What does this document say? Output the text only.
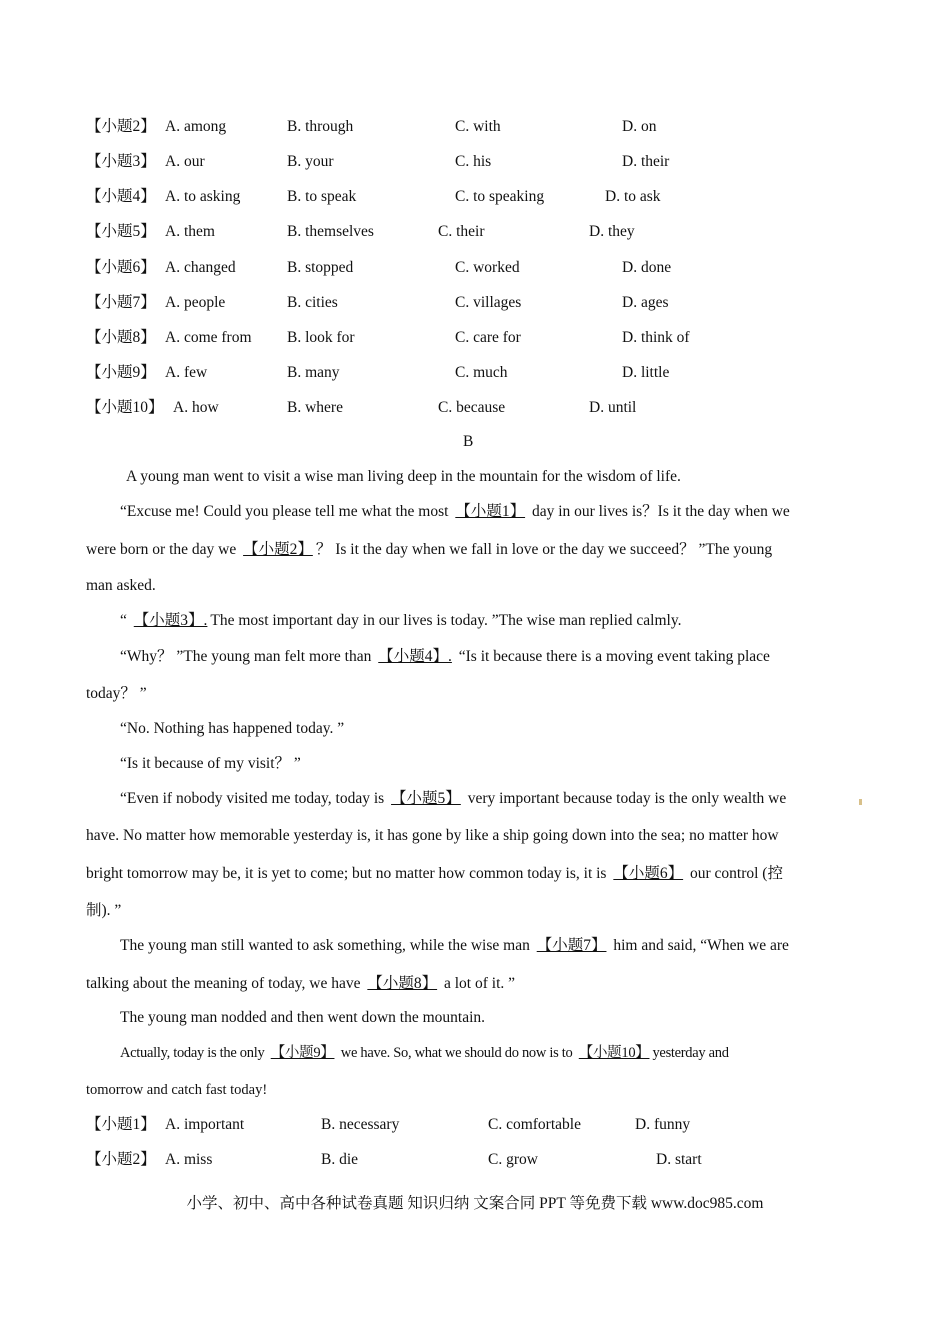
【小题2】 A. among	B. through	C. with	D. on
【小题3】 A. our	B. your	C. his	D. their
【小题4】 A. to asking	B. to speak	C. to speaking	D. to ask
【小题5】 A. them	B. themselves	C. their	D. they
【小题6】 A. changed	B. stopped	C. worked	D. done
【小题7】 A. people	B. cities	C. villages	D. ages
【小题8】 A. come from B. look for	C. care for	D. think of
【小题9】 A. few	B. many	C. much	D. little
【小题10】 A. how	B. where	C. because	D. until
B
A young man went to visit a wise man living deep in the mountain for the wisdom of life.
“Excuse me! Could you please tell me what the most 【小题1】 day in our lives is？Is it the day when we
were born or the day we 【小题2】 ？ Is it the day when we fall in love or the day we succeed？ ”The young
man asked.
“ 【小题3】. The most important day in our lives is today. ”The wise man replied calmly.
“Why？ ”The young man felt more than 【小题4】. “Is it because there is a moving event taking place
today？ ”
“No. Nothing has happened today. ”
“Is it because of my visit？ ”
“Even if nobody visited me today, today is 【小题5】 very important because today is the only wealth we
have. No matter how memorable yesterday is, it has gone by like a ship going down into the sea; no matter how
bright tomorrow may be, it is yet to come; but no matter how common today is, it is 【小题6】 our control (控
制). ”
The young man still wanted to ask something, while the wise man 【小题7】 him and said, “When we are
talking about the meaning of today, we have 【小题8】 a lot of it. ”
The young man nodded and then went down the mountain.
Actually, today is the only 【小题9】 we have. So, what we should do now is to 【小题10】 yesterday and
tomorrow and catch fast today!
【小题1】 A. important	B. necessary	C. comfortable	D. funny
【小题2】 A. miss	B. die	C. grow	D. start
小学、初中、高中各种试卷真题 知识归纳 文案合同 PPT 等免费下载 www.doc985.com
